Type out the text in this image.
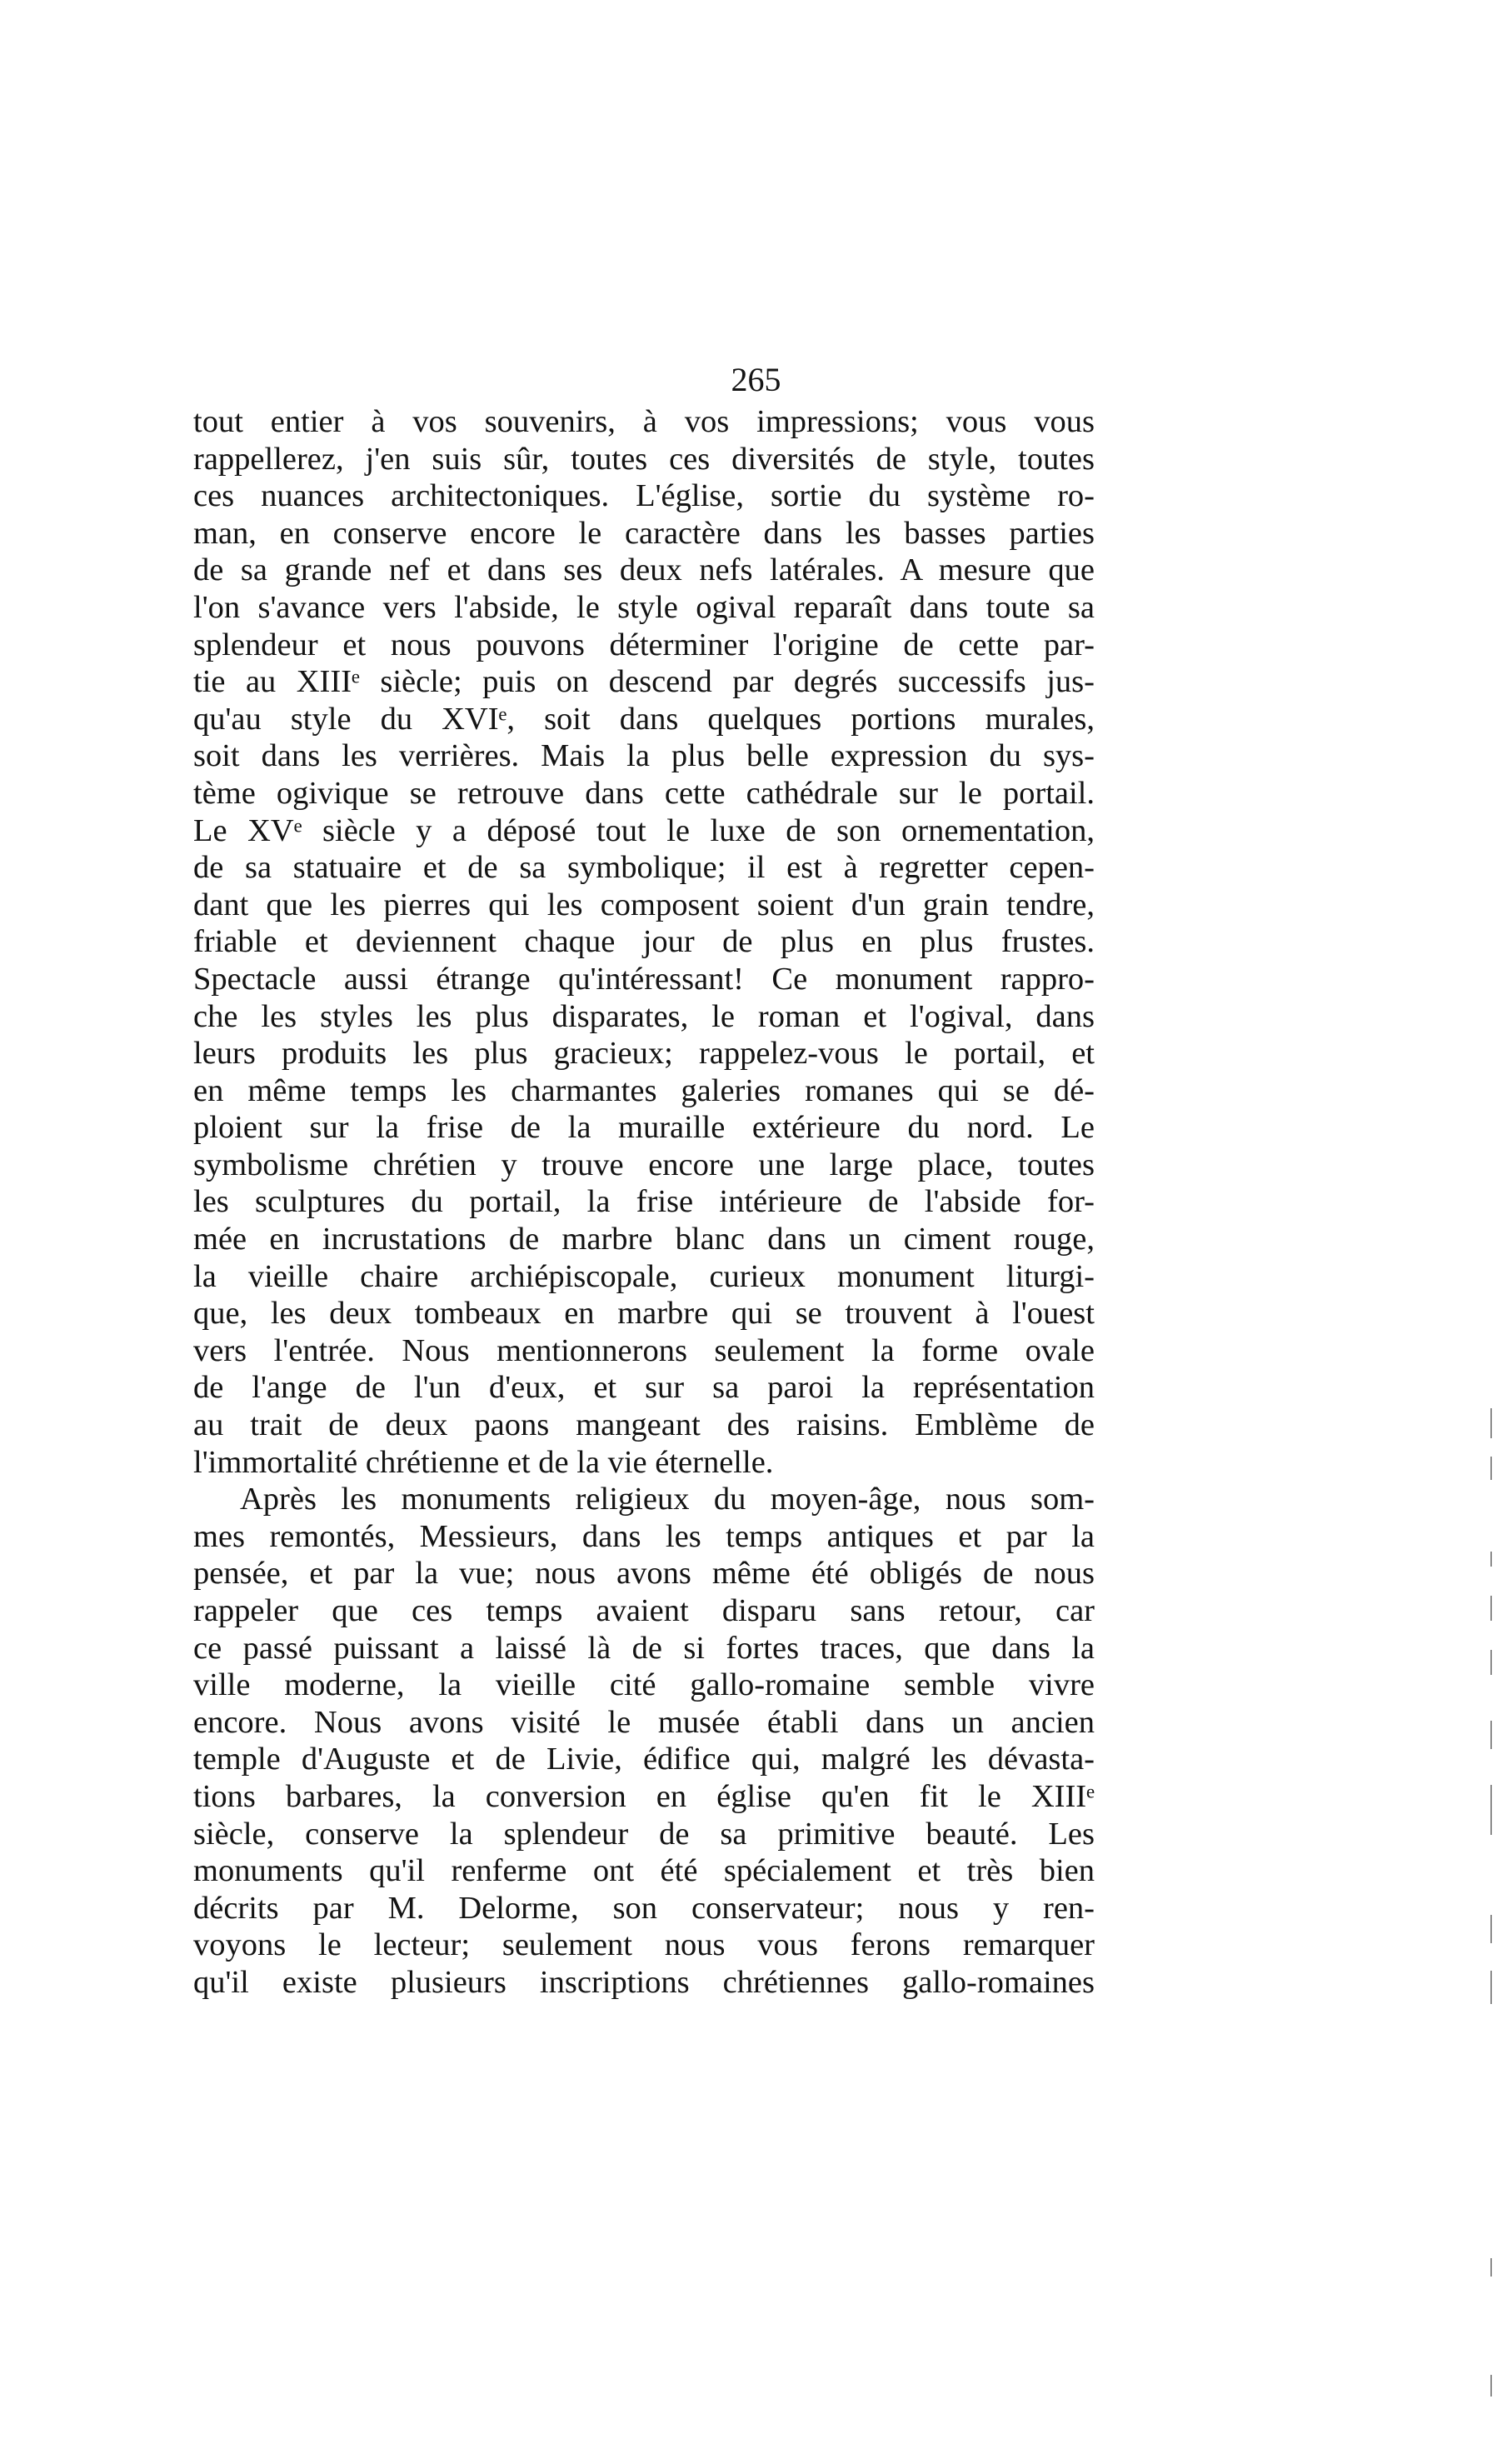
265
tout entier à vos souvenirs, à vos impressions; vous vous
rappellerez, j'en suis sûr, toutes ces diversités de style, toutes
ces nuances architectoniques. L'église, sortie du système ro-
man, en conserve encore le caractère dans les basses parties
de sa grande nef et dans ses deux nefs latérales. A mesure que
l'on s'avance vers l'abside, le style ogival reparaît dans toute sa
splendeur et nous pouvons déterminer l'origine de cette par-
tie au XIIIᵉ siècle; puis on descend par degrés successifs jus-
qu'au style du XVIᵉ, soit dans quelques portions murales,
soit dans les verrières. Mais la plus belle expression du sys-
tème ogivique se retrouve dans cette cathédrale sur le portail.
Le XVᵉ siècle y a déposé tout le luxe de son ornementation,
de sa statuaire et de sa symbolique; il est à regretter cepen-
dant que les pierres qui les composent soient d'un grain tendre,
friable et deviennent chaque jour de plus en plus frustes.
Spectacle aussi étrange qu'intéressant! Ce monument rappro-
che les styles les plus disparates, le roman et l'ogival, dans
leurs produits les plus gracieux; rappelez-vous le portail, et
en même temps les charmantes galeries romanes qui se dé-
ploient sur la frise de la muraille extérieure du nord. Le
symbolisme chrétien y trouve encore une large place, toutes
les sculptures du portail, la frise intérieure de l'abside for-
mée en incrustations de marbre blanc dans un ciment rouge,
la vieille chaire archiépiscopale, curieux monument liturgi-
que, les deux tombeaux en marbre qui se trouvent à l'ouest
vers l'entrée. Nous mentionnerons seulement la forme ovale
de l'ange de l'un d'eux, et sur sa paroi la représentation
au trait de deux paons mangeant des raisins. Emblème de
l'immortalité chrétienne et de la vie éternelle.
Après les monuments religieux du moyen-âge, nous som-
mes remontés, Messieurs, dans les temps antiques et par la
pensée, et par la vue; nous avons même été obligés de nous
rappeler que ces temps avaient disparu sans retour, car
ce passé puissant a laissé là de si fortes traces, que dans la
ville moderne, la vieille cité gallo-romaine semble vivre
encore. Nous avons visité le musée établi dans un ancien
temple d'Auguste et de Livie, édifice qui, malgré les dévasta-
tions barbares, la conversion en église qu'en fit le XIIIᵉ
siècle, conserve la splendeur de sa primitive beauté. Les
monuments qu'il renferme ont été spécialement et très bien
décrits par M. Delorme, son conservateur; nous y ren-
voyons le lecteur; seulement nous vous ferons remarquer
qu'il existe plusieurs inscriptions chrétiennes gallo-romaines
